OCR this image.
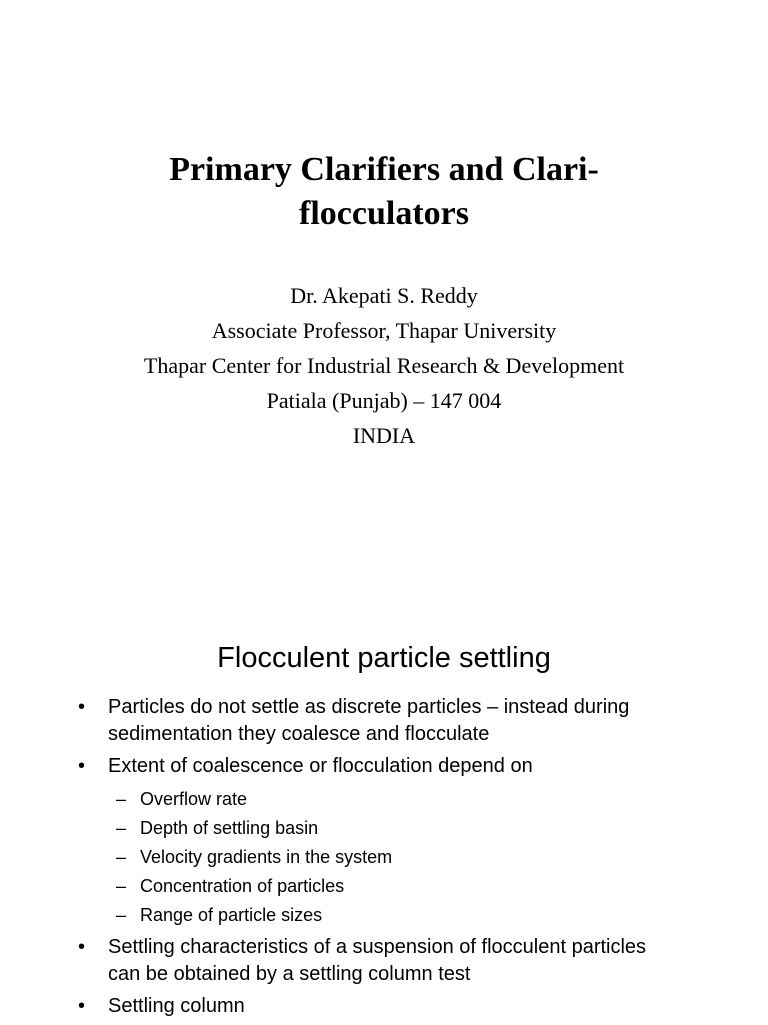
Primary Clarifiers and Clari-
flocculators
Dr. Akepati S. Reddy
Associate Professor, Thapar University
Thapar Center for Industrial Research & Development
Patiala (Punjab) – 147 004
INDIA
Flocculent particle settling
• Particles do not settle as discrete particles – instead during sedimentation they coalesce and flocculate
• Extent of coalescence or flocculation depend on
– Overflow rate
– Depth of settling basin
– Velocity gradients in the system
– Concentration of particles
– Range of particle sizes
• Settling characteristics of a suspension of flocculent particles can be obtained by a settling column test
• Settling column
